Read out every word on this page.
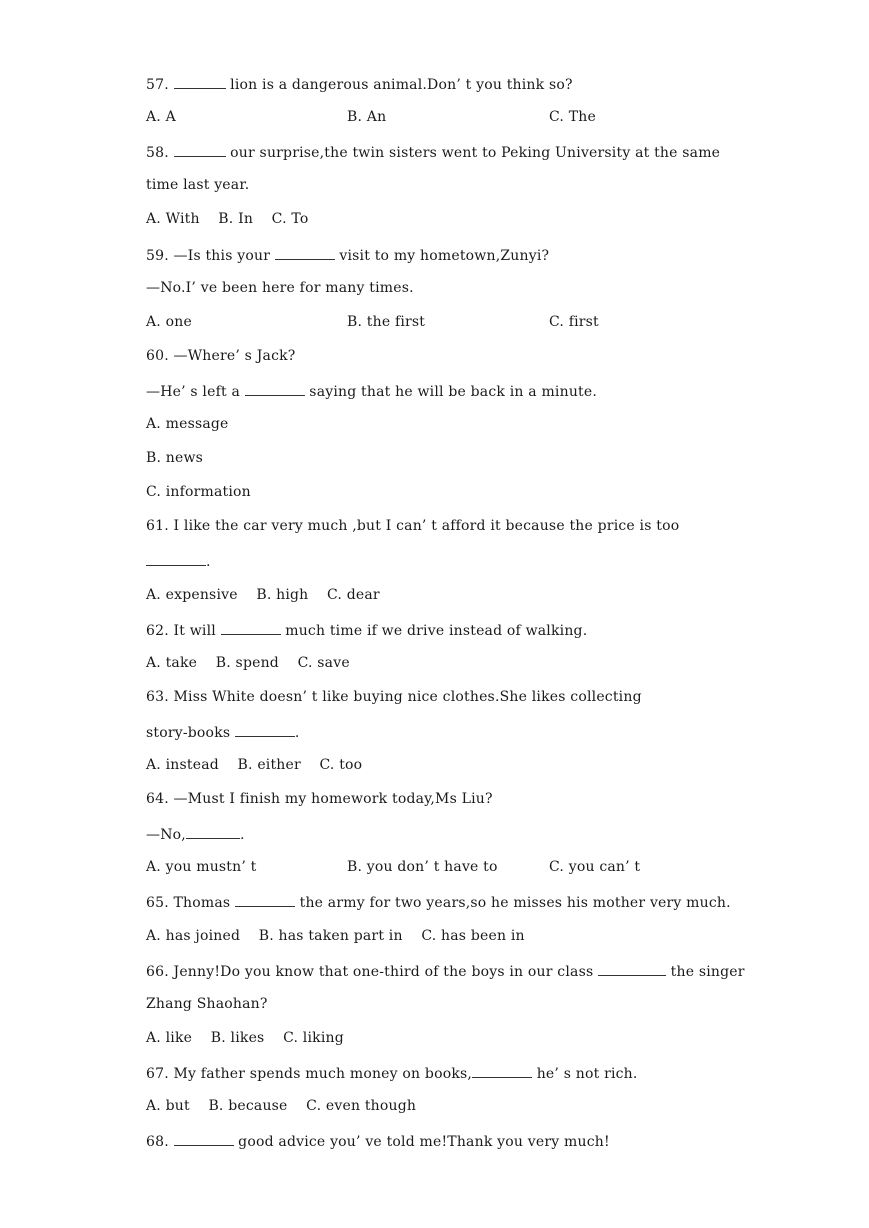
57.	lion is a dangerous animal.Don’ t you think so?
A. A	B. An	C. The
58.	our surprise,the twin sisters went to Peking University at the same
time last year.
A. With B. In C. To
59. —Is this your	visit to my hometown,Zunyi?
—No.I’ ve been here for many times.
A. one	B. the first	C. first
60. —Where’ s Jack?
—He’ s left a	saying that he will be back in a minute.
A. message
B. news
C. information
61. I like the car very much ,but I can’ t afford it because the price is too
.
A. expensive B. high C. dear
62. It will	much time if we drive instead of walking.
A. take B. spend C. save
63. Miss White doesn’ t like buying nice clothes.She likes collecting
story-books	.
A. instead B. either C. too
64. —Must I finish my homework today,Ms Liu?
—No,	.
A. you mustn’ t	B. you don’ t have to	C. you can’ t
65. Thomas	the army for two years,so he misses his mother very much.
A. has joined B. has taken part in C. has been in
66. Jenny!Do you know that one-third of the boys in our class	the singer
Zhang Shaohan?
A. like B. likes C. liking
67. My father spends much money on books,	he’ s not rich.
A. but B. because C. even though
68.	good advice you’ ve told me!Thank you very much!
